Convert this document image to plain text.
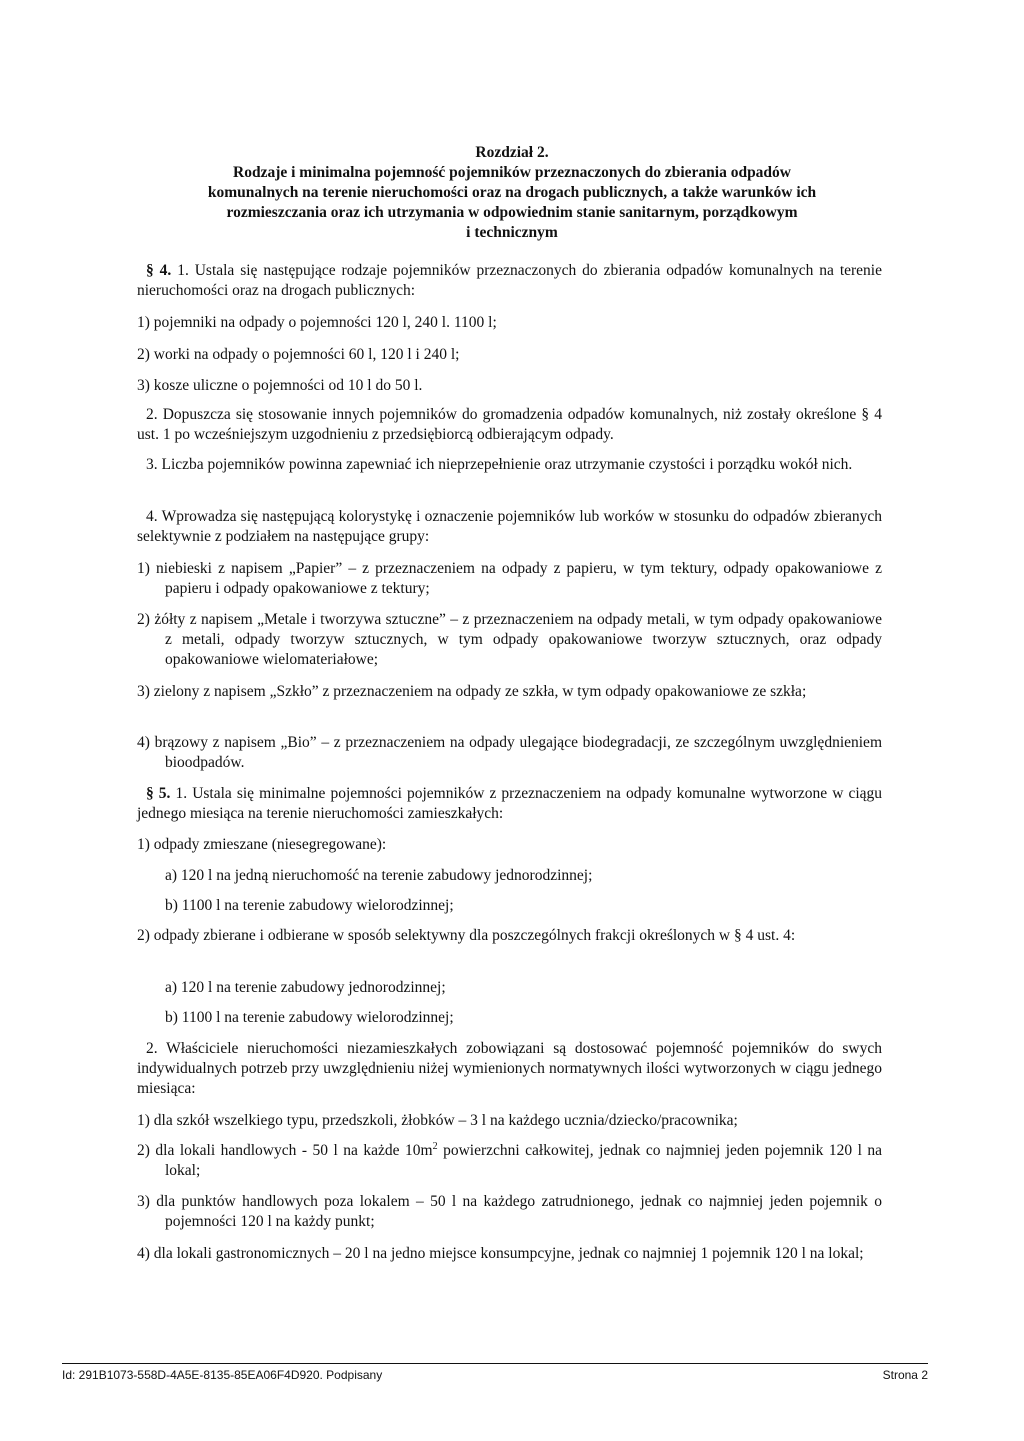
Rozdział 2.
Rodzaje i minimalna pojemność pojemników przeznaczonych do zbierania odpadów
komunalnych na terenie nieruchomości oraz na drogach publicznych, a także warunków ich
rozmieszczania oraz ich utrzymania w odpowiednim stanie sanitarnym, porządkowym
i technicznym
§ 4. 1. Ustala się następujące rodzaje pojemników przeznaczonych do zbierania odpadów komunalnych na terenie nieruchomości oraz na drogach publicznych:
1) pojemniki na odpady o pojemności 120 l, 240 l. 1100 l;
2) worki na odpady o pojemności 60 l, 120 l i 240 l;
3) kosze uliczne o pojemności od 10 l do 50 l.
2. Dopuszcza się stosowanie innych pojemników do gromadzenia odpadów komunalnych, niż zostały określone § 4 ust. 1 po wcześniejszym uzgodnieniu z przedsiębiorcą odbierającym odpady.
3. Liczba pojemników powinna zapewniać ich nieprzepełnienie oraz utrzymanie czystości i porządku wokół nich.
4. Wprowadza się następującą kolorystykę i oznaczenie pojemników lub worków w stosunku do odpadów zbieranych selektywnie z podziałem na następujące grupy:
1) niebieski z napisem „Papier” – z przeznaczeniem na odpady z papieru, w tym tektury, odpady opakowaniowe z papieru i odpady opakowaniowe z tektury;
2) żółty z napisem „Metale i tworzywa sztuczne” – z przeznaczeniem na odpady metali, w tym odpady opakowaniowe z metali, odpady tworzyw sztucznych, w tym odpady opakowaniowe tworzyw sztucznych, oraz odpady opakowaniowe wielomateriałowe;
3) zielony z napisem „Szkło” z przeznaczeniem na odpady ze szkła, w tym odpady opakowaniowe ze szkła;
4) brązowy z napisem „Bio” – z przeznaczeniem na odpady ulegające biodegradacji, ze szczególnym uwzględnieniem bioodpadów.
§ 5. 1. Ustala się minimalne pojemności pojemników z przeznaczeniem na odpady komunalne wytworzone w ciągu jednego miesiąca na terenie nieruchomości zamieszkałych:
1) odpady zmieszane (niesegregowane):
a) 120 l na jedną nieruchomość na terenie zabudowy jednorodzinnej;
b) 1100 l na terenie zabudowy wielorodzinnej;
2) odpady zbierane i odbierane w sposób selektywny dla poszczególnych frakcji określonych w § 4 ust. 4:
a) 120 l na terenie zabudowy jednorodzinnej;
b) 1100 l na terenie zabudowy wielorodzinnej;
2. Właściciele nieruchomości niezamieszkałych zobowiązani są dostosować pojemność pojemników do swych indywidualnych potrzeb przy uwzględnieniu niżej wymienionych normatywnych ilości wytworzonych w ciągu jednego miesiąca:
1) dla szkół wszelkiego typu, przedszkoli, żłobków – 3 l na każdego ucznia/dziecko/pracownika;
2) dla lokali handlowych - 50 l na każde $10m^2$ powierzchni całkowitej, jednak co najmniej jeden pojemnik 120 l na lokal;
3) dla punktów handlowych poza lokalem – 50 l na każdego zatrudnionego, jednak co najmniej jeden pojemnik o pojemności 120 l na każdy punkt;
4) dla lokali gastronomicznych – 20 l na jedno miejsce konsumpcyjne, jednak co najmniej 1 pojemnik 120 l na lokal;
Id: 291B1073-558D-4A5E-8135-85EA06F4D920. Podpisany	Strona 2
